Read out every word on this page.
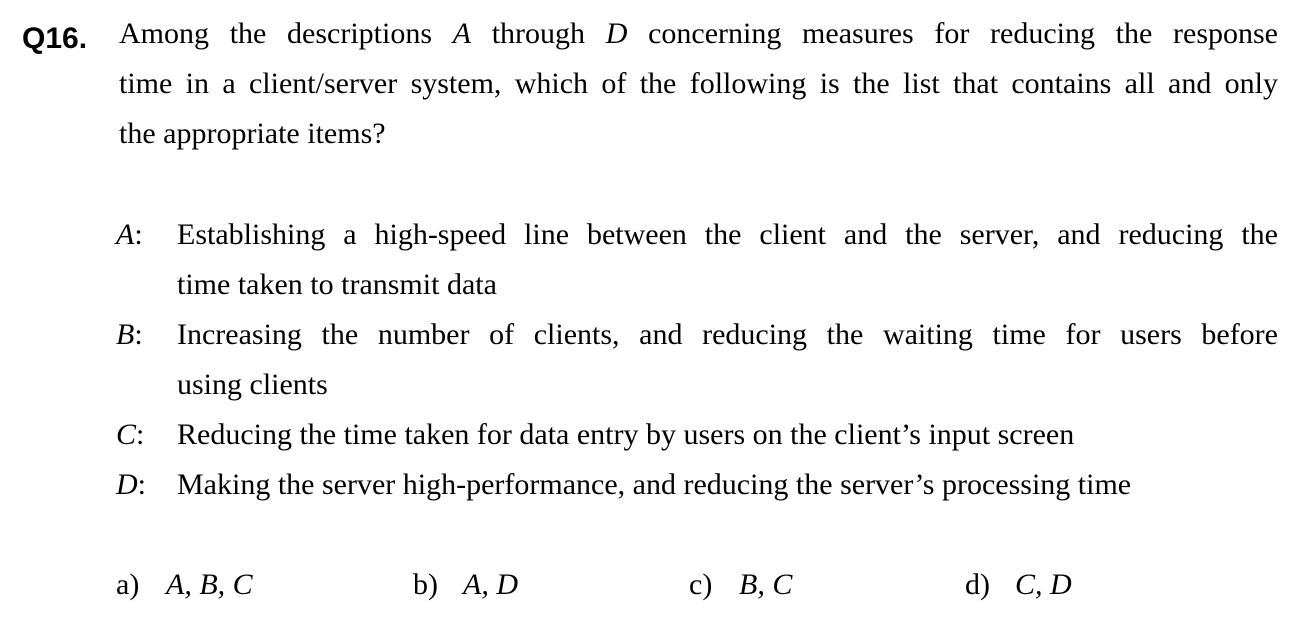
Q16. Among the descriptions A through D concerning measures for reducing the response
time in a client/server system, which of the following is the list that contains all and only
the appropriate items?
A: Establishing a high-speed line between the client and the server, and reducing the
time taken to transmit data
B: Increasing the number of clients, and reducing the waiting time for users before
using clients
C: Reducing the time taken for data entry by users on the client’s input screen
D: Making the server high-performance, and reducing the server’s processing time
a) A, B, C	b) A, D	c) B, C	d) C, D
